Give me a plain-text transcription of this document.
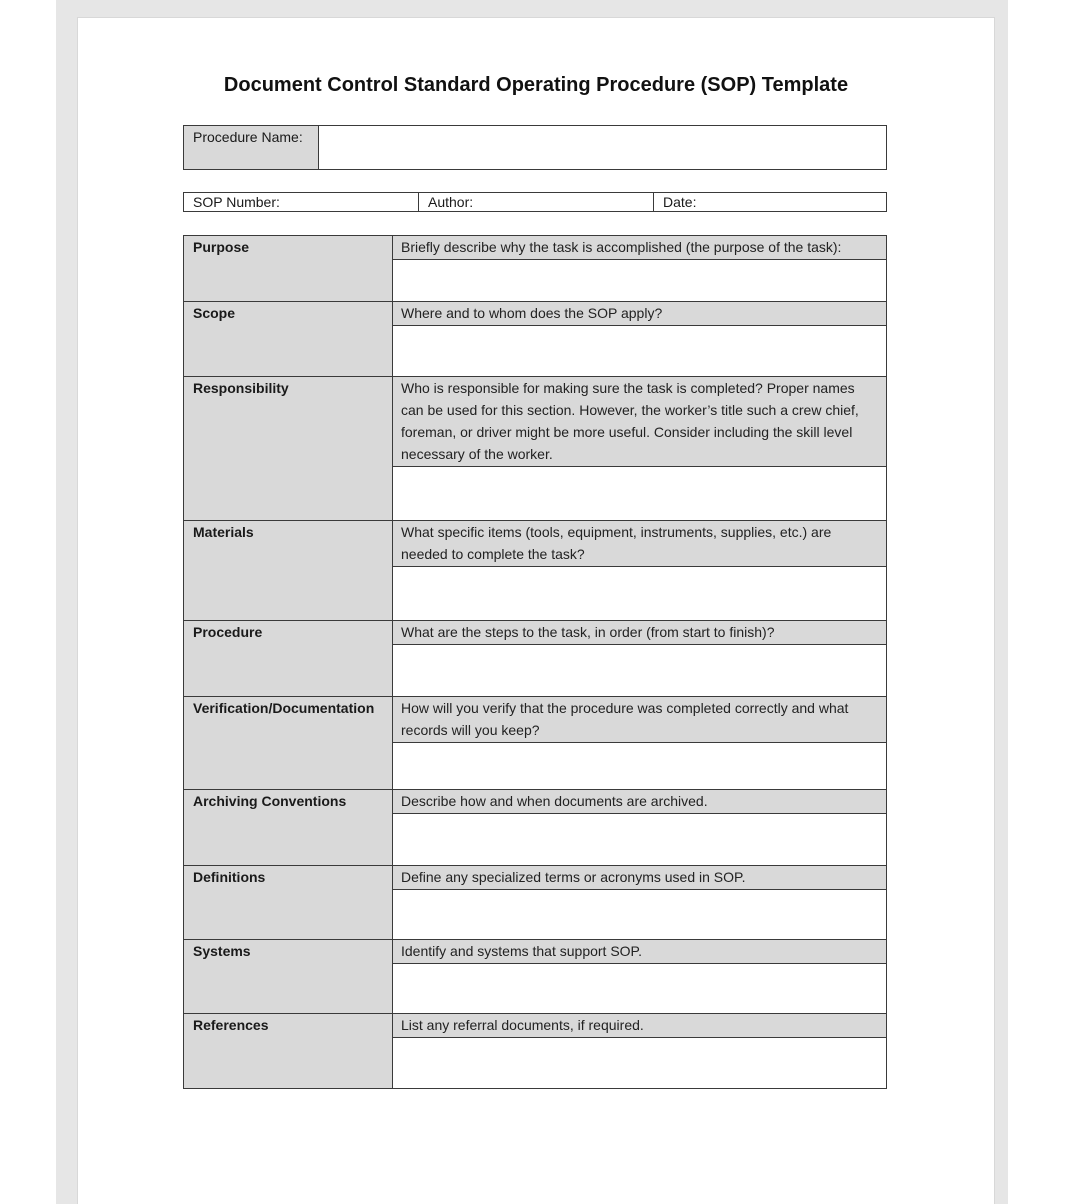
Document Control Standard Operating Procedure (SOP) Template
Procedure Name:
SOP Number:	Author:	Date:
Purpose	Briefly describe why the task is accomplished (the purpose of the task):
Scope	Where and to whom does the SOP apply?
Responsibility	Who is responsible for making sure the task is completed? Proper names can be used for this section. However, the worker’s title such a crew chief, foreman, or driver might be more useful. Consider including the skill level necessary of the worker.
Materials	What specific items (tools, equipment, instruments, supplies, etc.) are needed to complete the task?
Procedure	What are the steps to the task, in order (from start to finish)?
Verification/Documentation	How will you verify that the procedure was completed correctly and what records will you keep?
Archiving Conventions	Describe how and when documents are archived.
Definitions	Define any specialized terms or acronyms used in SOP.
Systems	Identify and systems that support SOP.
References	List any referral documents, if required.
